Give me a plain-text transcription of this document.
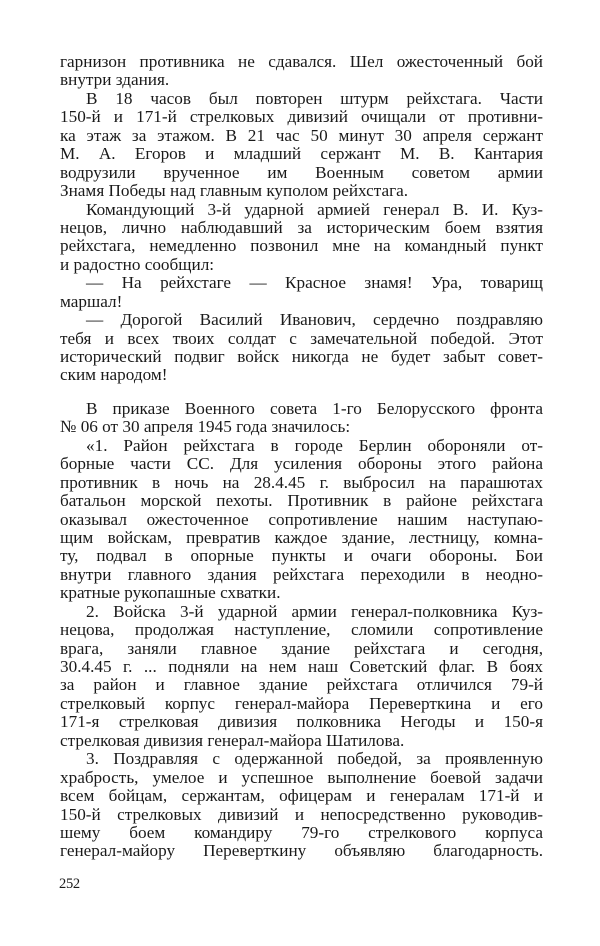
гарнизон противника не сдавался. Шел ожесточенный бой
внутри здания.
В 18 часов был повторен штурм рейхстага. Части
150-й и 171-й стрелковых дивизий очищали от противни-
ка этаж за этажом. В 21 час 50 минут 30 апреля сержант
М. А. Егоров и младший сержант М. В. Кантария
водрузили врученное им Военным советом армии
Знамя Победы над главным куполом рейхстага.
Командующий 3-й ударной армией генерал В. И. Куз-
нецов, лично наблюдавший за историческим боем взятия
рейхстага, немедленно позвонил мне на командный пункт
и радостно сообщил:
— На рейхстаге — Красное знамя! Ура, товарищ
маршал!
— Дорогой Василий Иванович, сердечно поздравляю
тебя и всех твоих солдат с замечательной победой. Этот
исторический подвиг войск никогда не будет забыт совет-
ским народом!
В приказе Военного совета 1-го Белорусского фронта
№ 06 от 30 апреля 1945 года значилось:
«1. Район рейхстага в городе Берлин обороняли от-
борные части СС. Для усиления обороны этого района
противник в ночь на 28.4.45 г. выбросил на парашютах
батальон морской пехоты. Противник в районе рейхстага
оказывал ожесточенное сопротивление нашим наступаю-
щим войскам, превратив каждое здание, лестницу, комна-
ту, подвал в опорные пункты и очаги обороны. Бои
внутри главного здания рейхстага переходили в неодно-
кратные рукопашные схватки.
2. Войска 3-й ударной армии генерал-полковника Куз-
нецова, продолжая наступление, сломили сопротивление
врага, заняли главное здание рейхстага и сегодня,
30.4.45 г. ... подняли на нем наш Советский флаг. В боях
за район и главное здание рейхстага отличился 79-й
стрелковый корпус генерал-майора Переверткина и его
171-я стрелковая дивизия полковника Негоды и 150-я
стрелковая дивизия генерал-майора Шатилова.
3. Поздравляя с одержанной победой, за проявленную
храбрость, умелое и успешное выполнение боевой задачи
всем бойцам, сержантам, офицерам и генералам 171-й и
150-й стрелковых дивизий и непосредственно руководив-
шему боем командиру 79-го стрелкового корпуса
генерал-майору Переверткину объявляю благодарность.
252
